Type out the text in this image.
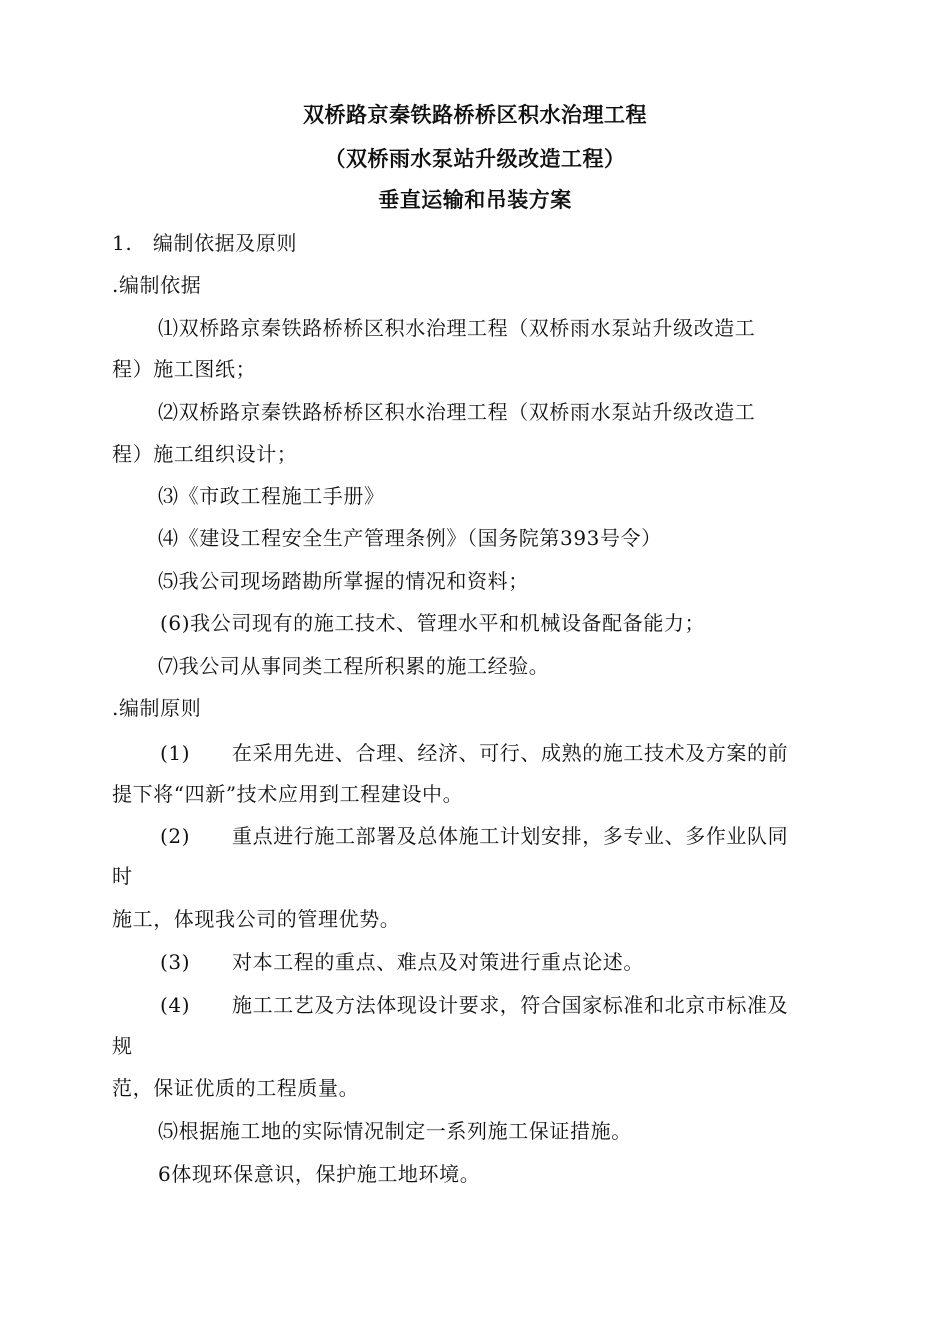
双桥路京秦铁路桥桥区积水治理工程
（双桥雨水泵站升级改造工程）
垂直运输和吊装方案
1.　编制依据及原则
.编制依据
⑴双桥路京秦铁路桥桥区积水治理工程（双桥雨水泵站升级改造工
程）施工图纸；
⑵双桥路京秦铁路桥桥区积水治理工程（双桥雨水泵站升级改造工
程）施工组织设计；
⑶《市政工程施工手册》
⑷《建设工程安全生产管理条例》（国务院第393号令）
⑸我公司现场踏勘所掌握的情况和资料；
(6)我公司现有的施工技术、管理水平和机械设备配备能力；
⑺我公司从事同类工程所积累的施工经验。
.编制原则
(1) 在采用先进、合理、经济、可行、成熟的施工技术及方案的前
提下将“四新”技术应用到工程建设中。
(2) 重点进行施工部署及总体施工计划安排，多专业、多作业队同
时
施工，体现我公司的管理优势。
(3) 对本工程的重点、难点及对策进行重点论述。
(4) 施工工艺及方法体现设计要求，符合国家标准和北京市标准及
规
范，保证优质的工程质量。
⑸根据施工地的实际情况制定一系列施工保证措施。
6体现环保意识，保护施工地环境。
